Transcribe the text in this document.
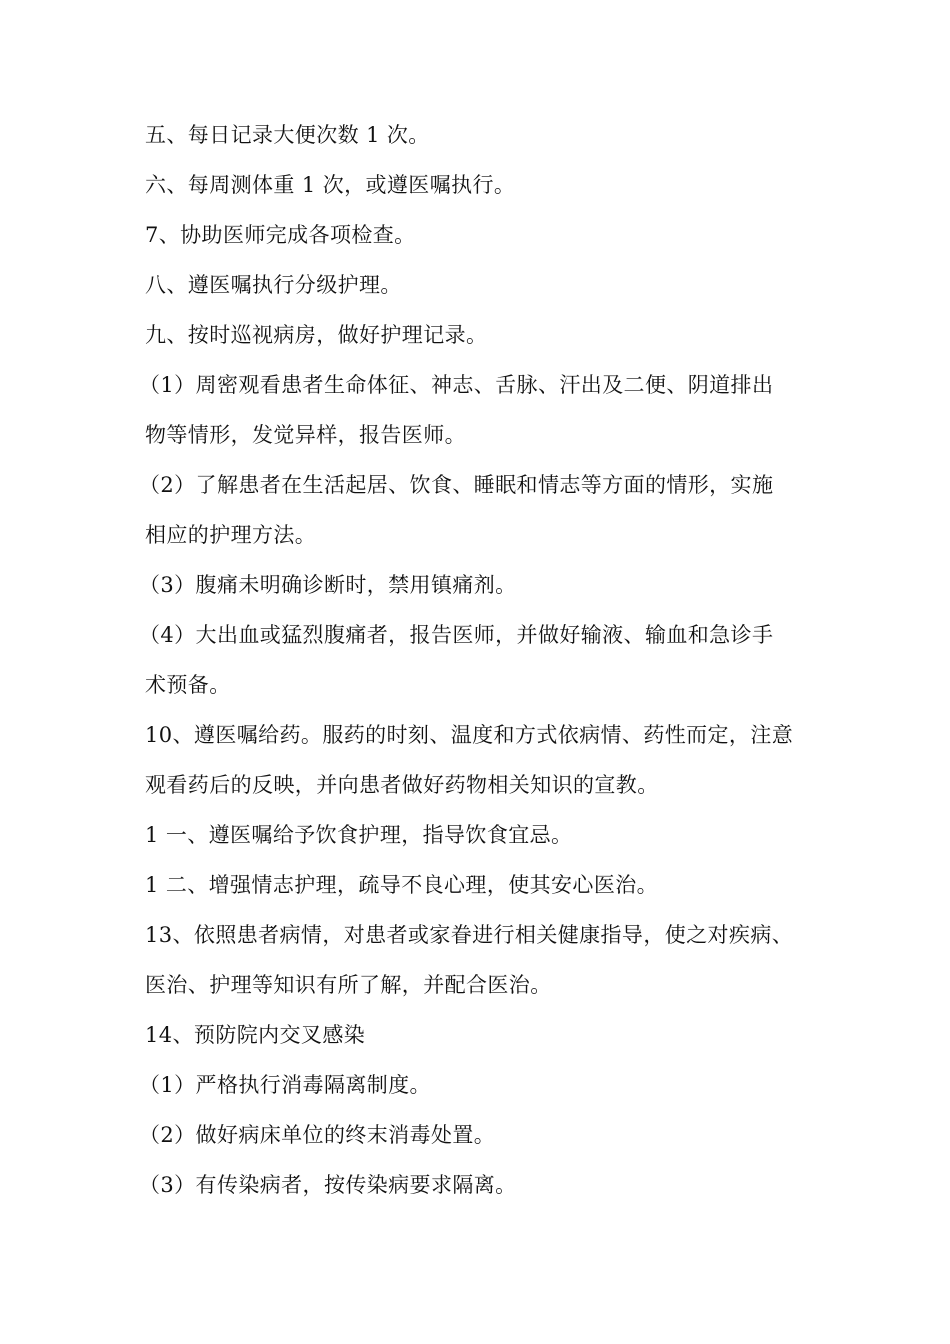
五、每日记录大便次数 1 次。
六、每周测体重 1 次，或遵医嘱执行。
7、协助医师完成各项检查。
八、遵医嘱执行分级护理。
九、按时巡视病房，做好护理记录。
（1）周密观看患者生命体征、神志、舌脉、汗出及二便、阴道排出
物等情形，发觉异样，报告医师。
（2）了解患者在生活起居、饮食、睡眠和情志等方面的情形，实施
相应的护理方法。
（3）腹痛未明确诊断时，禁用镇痛剂。
（4）大出血或猛烈腹痛者，报告医师，并做好输液、输血和急诊手
术预备。
10、遵医嘱给药。服药的时刻、温度和方式依病情、药性而定，注意
观看药后的反映，并向患者做好药物相关知识的宣教。
1 一、遵医嘱给予饮食护理，指导饮食宜忌。
1 二、增强情志护理，疏导不良心理，使其安心医治。
13、依照患者病情，对患者或家眷进行相关健康指导，使之对疾病、
医治、护理等知识有所了解，并配合医治。
14、预防院内交叉感染
（1）严格执行消毒隔离制度。
（2）做好病床单位的终末消毒处置。
（3）有传染病者，按传染病要求隔离。
